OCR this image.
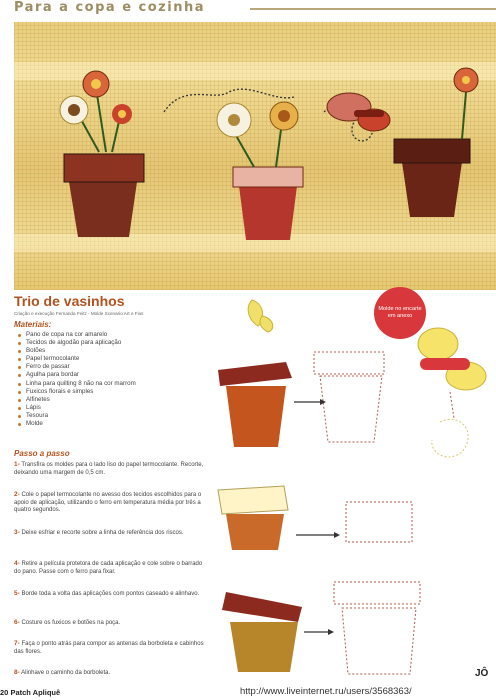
Para a copa e cozinha
Trio de vasinhos
Criação e execução Fernanda Feitz - Molde Scenario Art e Fios
Materiais:
Pano de copa na cor amarelo
Tecidos de algodão para aplicação
Botões
Papel termocolante
Ferro de passar
Agulha para bordar
Linha para quilting 8 não na cor marrom
Fuxicos florais e simples
Alfinetes
Lápis
Tesoura
Molde
Passo a passo
1- Transfira os moldes para o lado liso do papel termocolante. Recorte, deixando uma margem de 0,5 cm.
2- Cole o papel termocolante no avesso dos tecidos escolhidos para o apoio de aplicação, utilizando o ferro em temperatura média por três a quatro segundos.
3- Deixe esfriar e recorte sobre a linha de referência dos riscos.
4- Retire a película protetora de cada aplicação e cole sobre o barrado do pano. Passe com o ferro para fixar.
5- Borde toda a volta das aplicações com pontos caseado e alinhavo.
6- Costure os fuxicos e botões na poça.
7- Faça o ponto atrás para compor as antenas da borboleta e cabinhos das flores.
8- Alinhave o caminho da borboleta.
Molde no encarte em anexo
JÔ
20 Patch Apliquê	http://www.liveinternet.ru/users/3568363/
